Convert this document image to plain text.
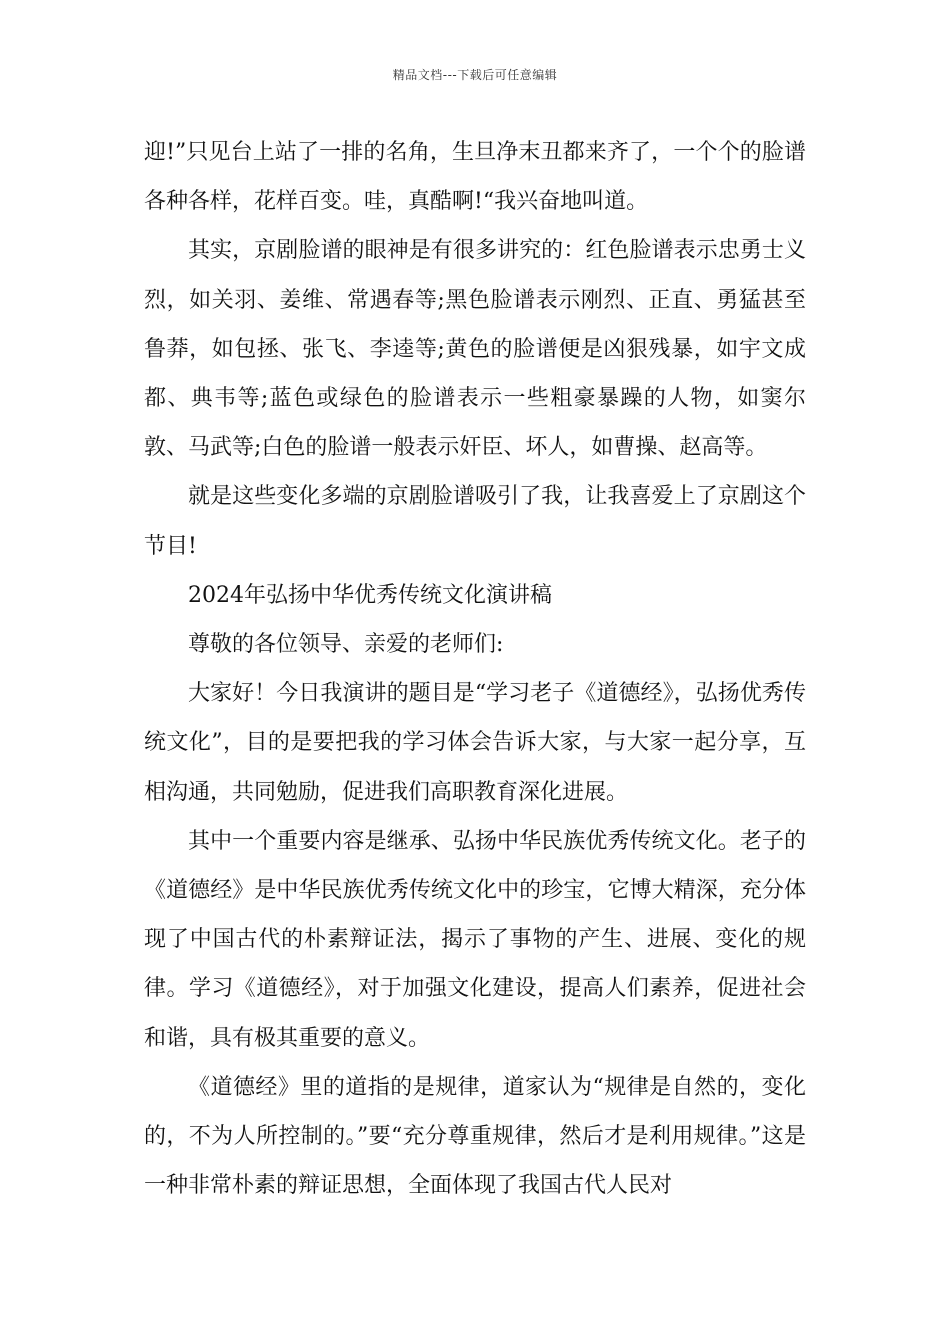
精品文档---下载后可任意编辑

迎!”只见台上站了一排的名角，生旦净末丑都来齐了，一个个的脸谱各种各样，花样百变。哇，真酷啊!“我兴奋地叫道。

其实，京剧脸谱的眼神是有很多讲究的：红色脸谱表示忠勇士义烈，如关羽、姜维、常遇春等;黑色脸谱表示刚烈、正直、勇猛甚至鲁莽，如包拯、张飞、李逵等;黄色的脸谱便是凶狠残暴，如宇文成都、典韦等;蓝色或绿色的脸谱表示一些粗豪暴躁的人物，如窦尔敦、马武等;白色的脸谱一般表示奸臣、坏人，如曹操、赵高等。

就是这些变化多端的京剧脸谱吸引了我，让我喜爱上了京剧这个节目!

2024年弘扬中华优秀传统文化演讲稿

尊敬的各位领导、亲爱的老师们:

大家好！今日我演讲的题目是“学习老子《道德经》，弘扬优秀传统文化”，目的是要把我的学习体会告诉大家，与大家一起分享，互相沟通，共同勉励，促进我们高职教育深化进展。

其中一个重要内容是继承、弘扬中华民族优秀传统文化。老子的《道德经》是中华民族优秀传统文化中的珍宝，它博大精深，充分体现了中国古代的朴素辩证法，揭示了事物的产生、进展、变化的规律。学习《道德经》，对于加强文化建设，提高人们素养，促进社会和谐，具有极其重要的意义。

《道德经》里的道指的是规律，道家认为“规律是自然的，变化的，不为人所控制的。”要“充分尊重规律，然后才是利用规律。”这是一种非常朴素的辩证思想，全面体现了我国古代人民对
